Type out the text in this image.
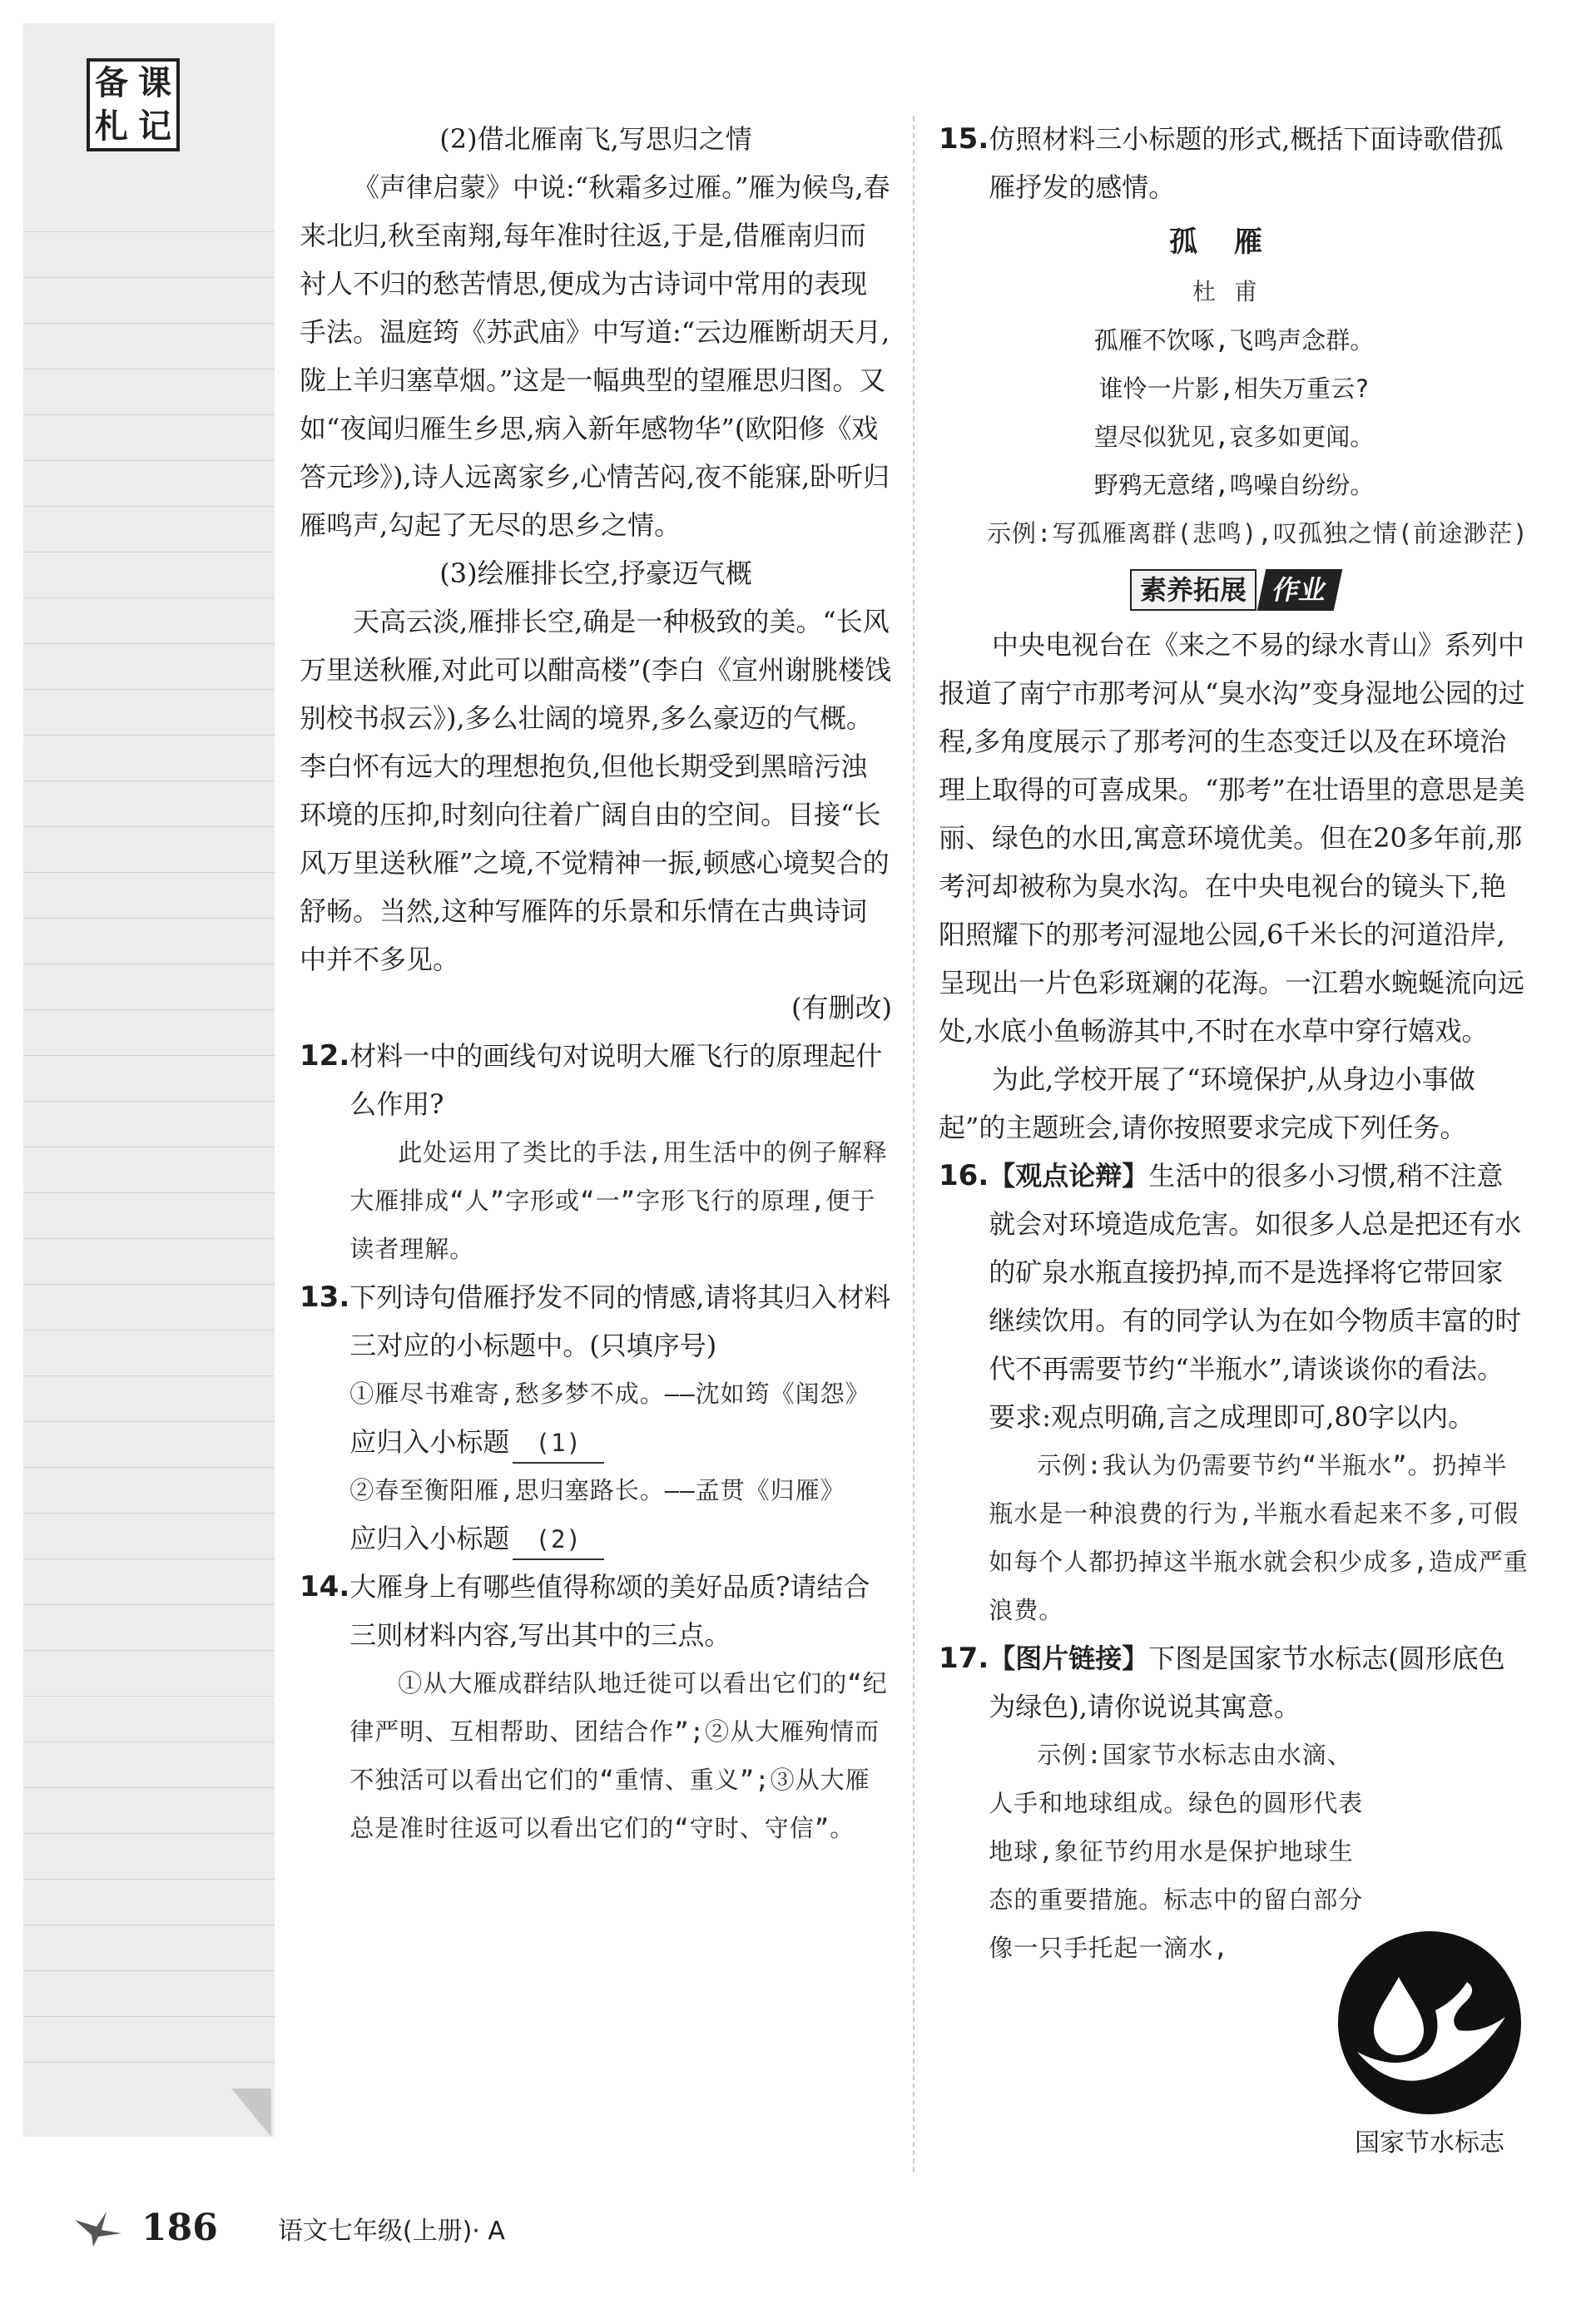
备 课
札 记	(2)借北雁南飞,写思归之情

《声律启蒙》中说:“秋霜多过雁。”雁为候鸟,春来北归,秋至南翔,每年准时往返,于是,借雁南归而衬人不归的愁苦情思,便成为古诗词中常用的表现手法。温庭筠《苏武庙》中写道:“云边雁断胡天月,陇上羊归塞草烟。”这是一幅典型的望雁思归图。又如“夜闻归雁生乡思,病入新年感物华”(欧阳修《戏答元珍》),诗人远离家乡,心情苦闷,夜不能寐,卧听归雁鸣声,勾起了无尽的思乡之情。

(3)绘雁排长空,抒豪迈气概

天高云淡,雁排长空,确是一种极致的美。“长风万里送秋雁,对此可以酣高楼”(李白《宣州谢朓楼饯别校书叔云》),多么壮阔的境界,多么豪迈的气概。李白怀有远大的理想抱负,但他长期受到黑暗污浊环境的压抑,时刻向往着广阔自由的空间。目接“长风万里送秋雁”之境,不觉精神一振,顿感心境契合的舒畅。当然,这种写雁阵的乐景和乐情在古典诗词中并不多见。

(有删改)

12. 材料一中的画线句对说明大雁飞行的原理起什么作用?

此处运用了类比的手法,用生活中的例子解释大雁排成“人”字形或“一”字形飞行的原理,便于读者理解。

13. 下列诗句借雁抒发不同的情感,请将其归入材料三对应的小标题中。(只填序号)

①雁尽书难寄,愁多梦不成。——沈如筠《闺怨》

应归入小标题 (1)

②春至衡阳雁,思归塞路长。——孟贯《归雁》

应归入小标题 (2)

14. 大雁身上有哪些值得称颂的美好品质?请结合三则材料内容,写出其中的三点。

①从大雁成群结队地迁徙可以看出它们的“纪律严明、互相帮助、团结合作”;②从大雁殉情而不独活可以看出它们的“重情、重义”;③从大雁总是准时往返可以看出它们的“守时、守信”。

15. 仿照材料三小标题的形式,概括下面诗歌借孤雁抒发的感情。

孤雁

杜甫

孤雁不饮啄,飞鸣声念群。

谁怜一片影,相失万重云?

望尽似犹见,哀多如更闻。

野鸦无意绪,鸣噪自纷纷。

示例:写孤雁离群(悲鸣),叹孤独之情(前途渺茫)

素养拓展 作业

中央电视台在《来之不易的绿水青山》系列中报道了南宁市那考河从“臭水沟”变身湿地公园的过程,多角度展示了那考河的生态变迁以及在环境治理上取得的可喜成果。“那考”在壮语里的意思是美丽、绿色的水田,寓意环境优美。但在20多年前,那考河却被称为臭水沟。在中央电视台的镜头下,艳阳照耀下的那考河湿地公园,6千米长的河道沿岸,呈现出一片色彩斑斓的花海。一江碧水蜿蜒流向远处,水底小鱼畅游其中,不时在水草中穿行嬉戏。

为此,学校开展了“环境保护,从身边小事做起”的主题班会,请你按照要求完成下列任务。

16. 【观点论辩】生活中的很多小习惯,稍不注意就会对环境造成危害。如很多人总是把还有水的矿泉水瓶直接扔掉,而不是选择将它带回家继续饮用。有的同学认为在如今物质丰富的时代不再需要节约“半瓶水”,请谈谈你的看法。要求:观点明确,言之成理即可,80字以内。

示例:我认为仍需要节约“半瓶水”。扔掉半瓶水是一种浪费的行为,半瓶水看起来不多,可假如每个人都扔掉这半瓶水就会积少成多,造成严重浪费。

17. 【图片链接】下图是国家节水标志(圆形底色为绿色),请你说说其寓意。

示例:国家节水标志由水滴、人手和地球组成。绿色的圆形代表地球,象征节约用水是保护地球生态的重要措施。标志中的留白部分像一只手托起一滴水,

国家节水标志
186 语文七年级(上册)· A
